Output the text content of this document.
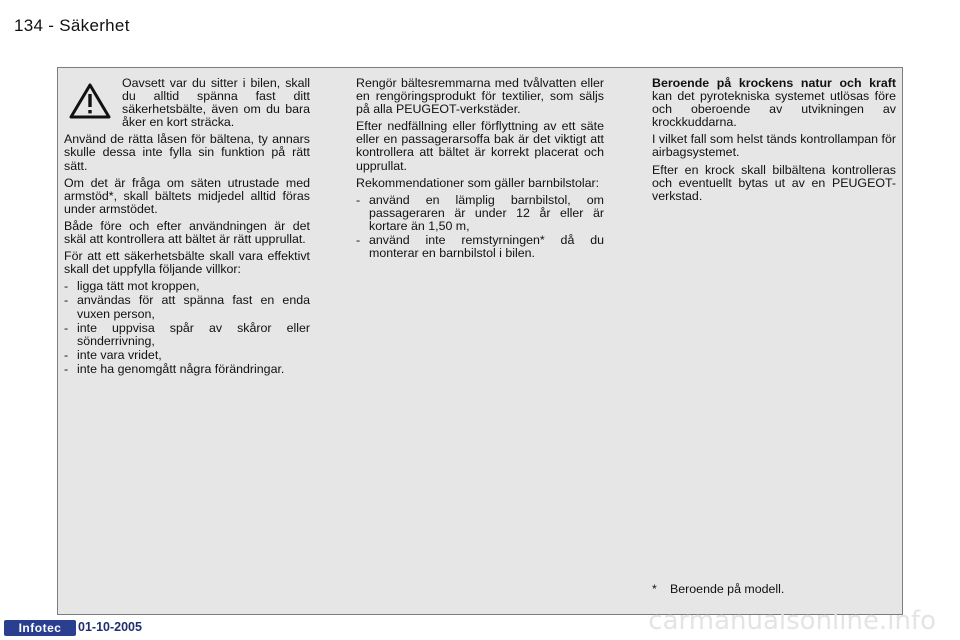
134 - Säkerhet

Oavsett var du sitter i bilen, skall du alltid spänna fast ditt säkerhetsbälte, även om du bara åker en kort sträcka.

Använd de rätta låsen för bältena, ty annars skulle dessa inte fylla sin funktion på rätt sätt.

Om det är fråga om säten utrustade med armstöd*, skall bältets midjedel alltid föras under armstödet.

Både före och efter användningen är det skäl att kontrollera att bältet är rätt upprullat.

För att ett säkerhetsbälte skall vara effektivt skall det uppfylla följande villkor:

- ligga tätt mot kroppen,
- användas för att spänna fast en enda vuxen person,
- inte uppvisa spår av skåror eller sönderrivning,
- inte vara vridet,
- inte ha genomgått några förändringar.

Rengör bältesremmarna med tvålvatten eller en rengöringsprodukt för textilier, som säljs på alla PEUGEOT-verkstäder.

Efter nedfällning eller förflyttning av ett säte eller en passagerarsoffa bak är det viktigt att kontrollera att bältet är korrekt placerat och upprullat.

Rekommendationer som gäller barnbilstolar:

- använd en lämplig barnbilstol, om passageraren är under 12 år eller är kortare än 1,50 m,
- använd inte remstyrningen* då du monterar en barnbilstol i bilen.

Beroende på krockens natur och kraft kan det pyrotekniska systemet utlösas före och oberoende av utvikningen av krockkuddarna.

I vilket fall som helst tänds kontrollampan för airbagsystemet.

Efter en krock skall bilbältena kontrolleras och eventuellt bytas ut av en PEUGEOT-verkstad.

* Beroende på modell.
Infotec	01-10-2005	carmanualsonline.info
